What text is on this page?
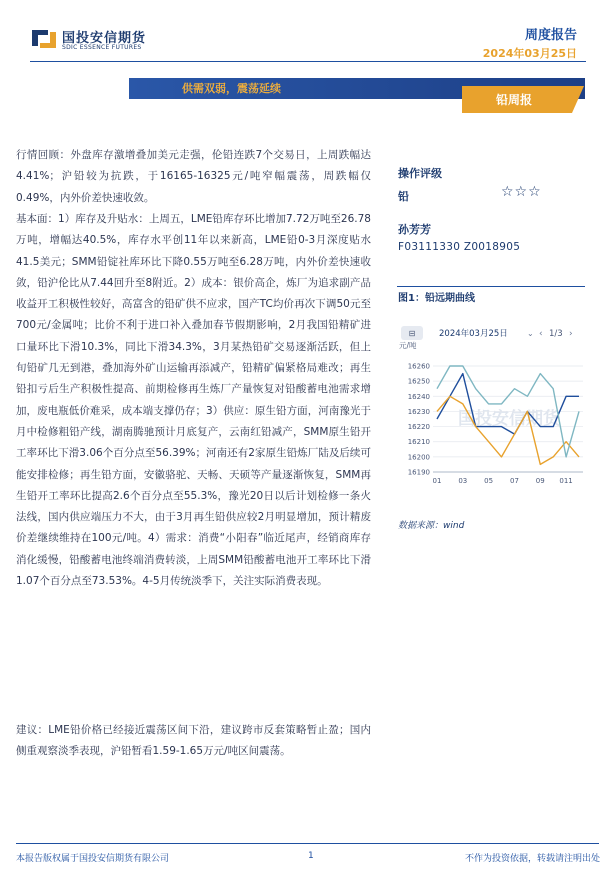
国投安信期货
SDIC ESSENCE FUTURES
周度报告
2024年03月25日
供需双弱，震荡延续
铅周报

行情回顾：外盘库存激增叠加美元走强，伦铅连跌7个交易日，上周跌幅达4.41%；沪铅较为抗跌，于16165-16325元/吨窄幅震荡，周跌幅仅0.49%，内外价差快速收敛。

基本面：1）库存及升贴水：上周五，LME铅库存环比增加7.72万吨至26.78万吨，增幅达40.5%，库存水平创11年以来新高，LME铅0-3月深度贴水41.5美元；SMM铅锭社库环比下降0.55万吨至6.28万吨，内外价差快速收敛，铅沪伦比从7.44回升至8附近。2）成本：银价高企，炼厂为追求副产品收益开工积极性较好，高富含的铅矿供不应求，国产TC均价再次下调50元至700元/金属吨；比价不利于进口补入叠加春节假期影响，2月我国铅精矿进口量环比下滑10.3%，同比下滑34.3%，3月某热铅矿交易逐渐活跃，但上旬铅矿几无到港，叠加海外矿山运输再添减产，铅精矿偏紧格局难改；再生铅扣亏后生产积极性提高、前期检修再生炼厂产量恢复对铅酸蓄电池需求增加，废电瓶低价难采，成本端支撑仍存；3）供应：原生铅方面，河南豫光于月中检修粗铅产线，湖南腾驰预计月底复产，云南红铅减产，SMM原生铅开工率环比下滑3.06个百分点至56.39%；河南还有2家原生铅炼厂陆及后续可能安排检修；再生铅方面，安徽骆驼、天畅、天硕等产量逐渐恢复，SMM再生铅开工率环比提高2.6个百分点至55.3%，豫光20日以后计划检修一条火法线，国内供应端压力不大，由于3月再生铅供应较2月明显增加，预计精废价差继续维持在100元/吨。4）需求：消费“小阳春”临近尾声，经销商库存消化缓慢，铅酸蓄电池终端消费转淡，上周SMM铅酸蓄电池开工率环比下滑1.07个百分点至73.53%。4-5月传统淡季下，关注实际消费表现。

建议：LME铅价格已经接近震荡区间下沿，建议跨市反套策略暂止盈；国内侧重观察淡季表现，沪铅暂看1.59-1.65万元/吨区间震荡。

操作评级
铅	☆☆☆
孙芳芳
F03111330 Z0018905
图1：铅远期曲线
⊟	2024年03月25日 ⌄ ‹ 1/3 ›
元/吨
国投安信期货
16190
16200
16210
16220
16230
16240
16250
16260
01 03 05 07 09 011
数据来源：wind
本报告版权属于国投安信期货有限公司	1	不作为投资依据，转载请注明出处
